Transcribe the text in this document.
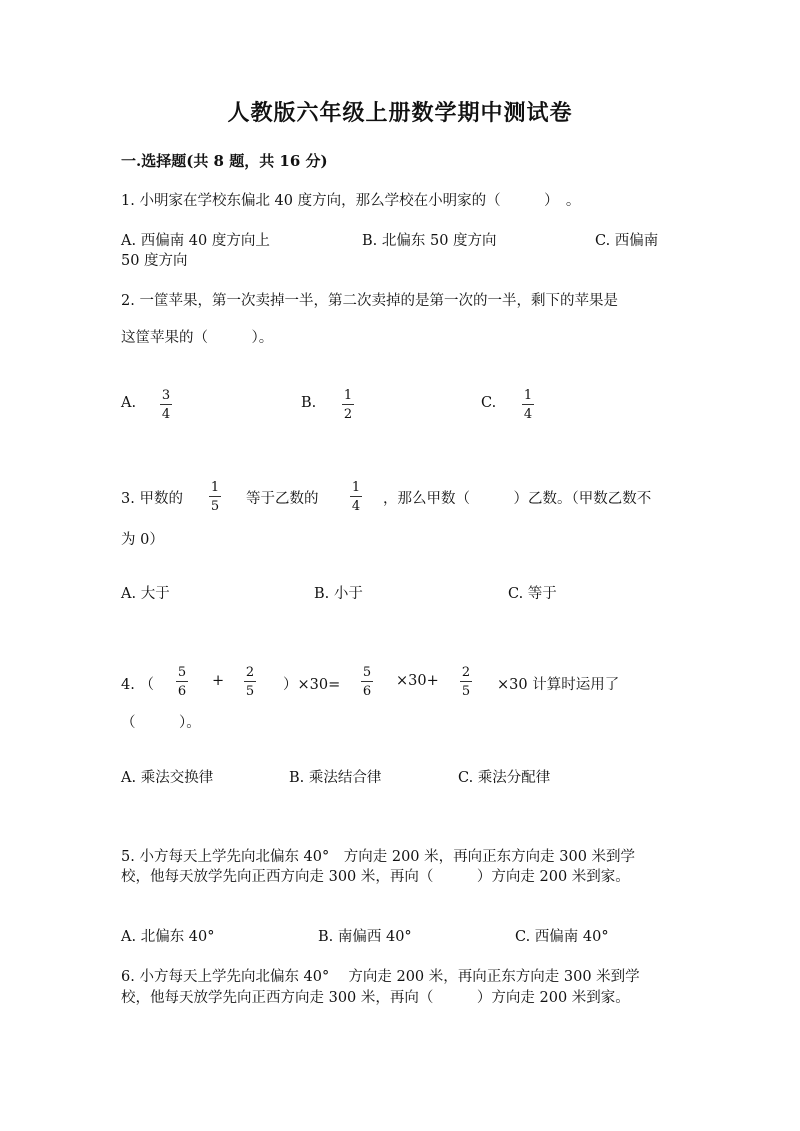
人教版六年级上册数学期中测试卷
一.选择题(共 8 题，共 16 分)
1. 小明家在学校东偏北 40 度方向，那么学校在小明家的（　　　）　。
A. 西偏南 40 度方向上	B. 北偏东 50 度方向	C. 西偏南
50 度方向
2. 一筐苹果，第一次卖掉一半，第二次卖掉的是第一次的一半，剩下的苹果是
这筐苹果的（　　　）。
A. 3
4
B. 1
2
C. 1
4
3. 甲数的
1
5 等于乙数的
1
4 ，那么甲数（　　　）乙数。（甲数乙数不
为 0）
A. 大于	B. 小于	C. 等于
4. （
5
6
+
2
5 ）×30=
5
6
×30+
2
5 ×30 计算时运用了
（　　　）。
A. 乘法交换律	B. 乘法结合律	C. 乘法分配律
5. 小方每天上学先向北偏东 40°　方向走 200 米，再向正东方向走 300 米到学
校，他每天放学先向正西方向走 300 米，再向（　　　）方向走 200 米到家。
A. 北偏东 40°	B. 南偏西 40°	C. 西偏南 40°
6. 小方每天上学先向北偏东 40°　 方向走 200 米，再向正东方向走 300 米到学
校，他每天放学先向正西方向走 300 米，再向（　　　）方向走 200 米到家。
